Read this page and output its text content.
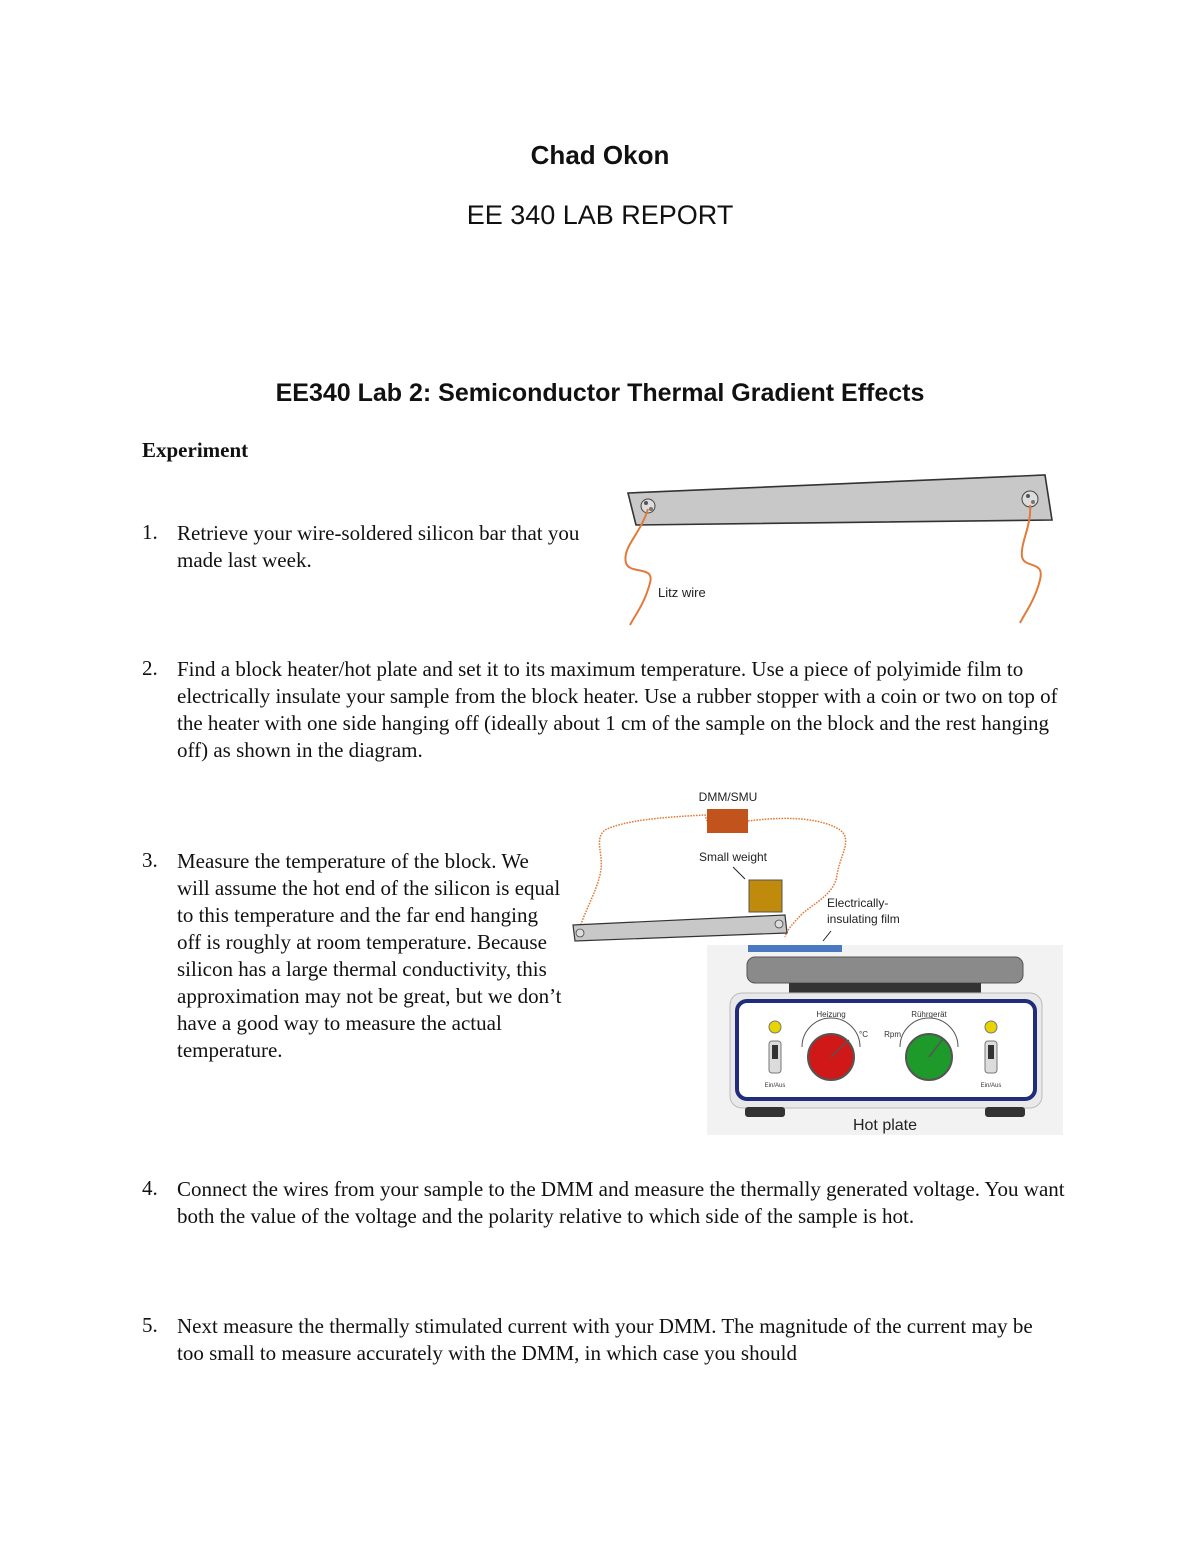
Chad Okon
EE 340 LAB REPORT
EE340 Lab 2: Semiconductor Thermal Gradient Effects
Experiment
1. Retrieve your wire-soldered silicon bar that you made last week.
Litz wire
2. Find a block heater/hot plate and set it to its maximum temperature. Use a piece of polyimide film to electrically insulate your sample from the block heater. Use a rubber stopper with a coin or two on top of the heater with one side hanging off (ideally about 1 cm of the sample on the block and the rest hanging off) as shown in the diagram.
3. Measure the temperature of the block. We will assume the hot end of the silicon is equal to this temperature and the far end hanging off is roughly at room temperature. Because silicon has a large thermal conductivity, this approximation may not be great, but we don’t have a good way to measure the actual temperature.
DMM/SMU
Small weight
Electrically-
insulating film
Ein/Aus	Ein/Aus
Heizung
°C
Rührgerät
Rpm
Hot plate
4. Connect the wires from your sample to the DMM and measure the thermally generated voltage. You want both the value of the voltage and the polarity relative to which side of the sample is hot.
5. Next measure the thermally stimulated current with your DMM. The magnitude of the current may be too small to measure accurately with the DMM, in which case you should
